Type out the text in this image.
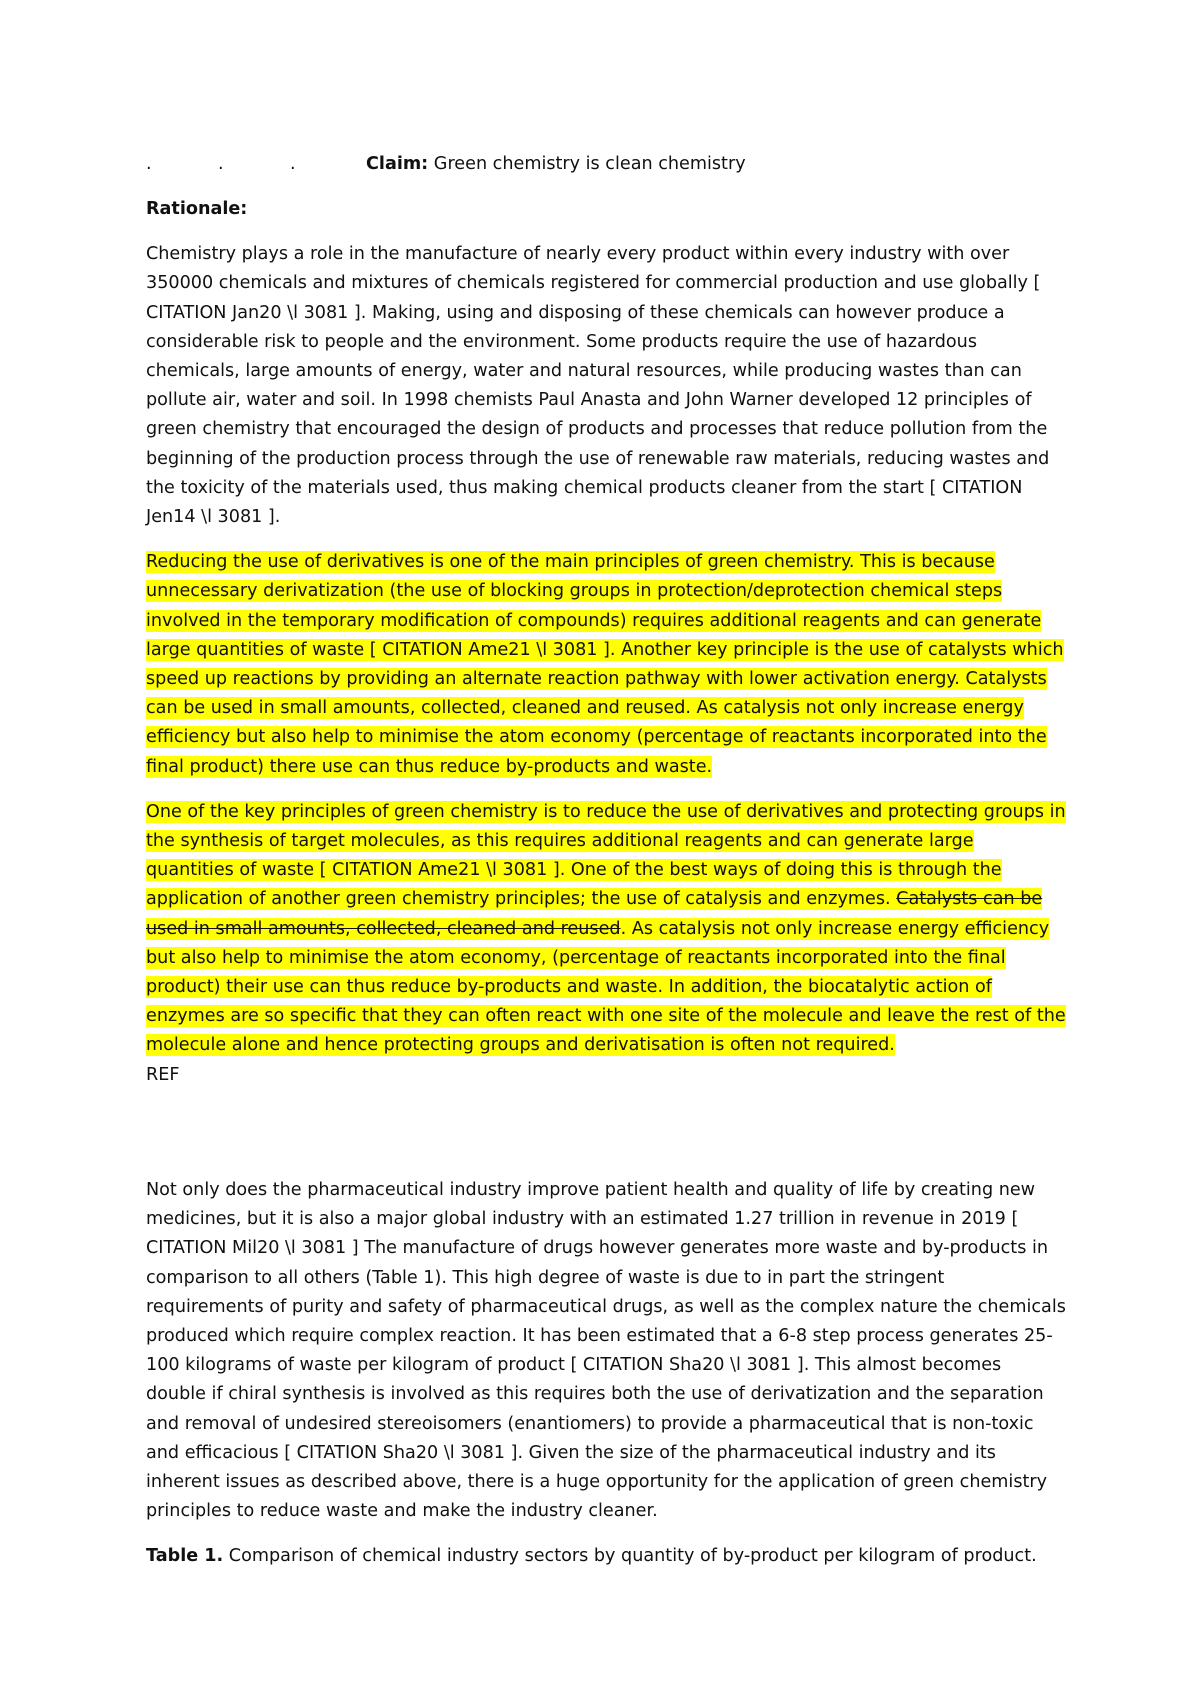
.	.	.	Claim: Green chemistry is clean chemistry

Rationale:

Chemistry plays a role in the manufacture of nearly every product within every industry with over 350000 chemicals and mixtures of chemicals registered for commercial production and use globally [ CITATION Jan20 \l 3081 ]. Making, using and disposing of these chemicals can however produce a considerable risk to people and the environment. Some products require the use of hazardous chemicals, large amounts of energy, water and natural resources, while producing wastes than can pollute air, water and soil. In 1998 chemists Paul Anasta and John Warner developed 12 principles of green chemistry that encouraged the design of products and processes that reduce pollution from the beginning of the production process through the use of renewable raw materials, reducing wastes and the toxicity of the materials used, thus making chemical products cleaner from the start [ CITATION Jen14 \l 3081 ].

Reducing the use of derivatives is one of the main principles of green chemistry. This is because unnecessary derivatization (the use of blocking groups in protection/deprotection chemical steps involved in the temporary modification of compounds) requires additional reagents and can generate large quantities of waste [ CITATION Ame21 \l 3081 ]. Another key principle is the use of catalysts which speed up reactions by providing an alternate reaction pathway with lower activation energy. Catalysts can be used in small amounts, collected, cleaned and reused. As catalysis not only increase energy efficiency but also help to minimise the atom economy (percentage of reactants incorporated into the final product) there use can thus reduce by-products and waste.

One of the key principles of green chemistry is to reduce the use of derivatives and protecting groups in the synthesis of target molecules, as this requires additional reagents and can generate large quantities of waste [ CITATION Ame21 \l 3081 ]. One of the best ways of doing this is through the application of another green chemistry principles; the use of catalysis and enzymes. Catalysts can be used in small amounts, collected, cleaned and reused. As catalysis not only increase energy efficiency but also help to minimise the atom economy, (percentage of reactants incorporated into the final product) their use can thus reduce by-products and waste. In addition, the biocatalytic action of enzymes are so specific that they can often react with one site of the molecule and leave the rest of the molecule alone and hence protecting groups and derivatisation is often not required.

REF

Not only does the pharmaceutical industry improve patient health and quality of life by creating new medicines, but it is also a major global industry with an estimated 1.27 trillion in revenue in 2019 [ CITATION Mil20 \l 3081 ] The manufacture of drugs however generates more waste and by-products in comparison to all others (Table 1). This high degree of waste is due to in part the stringent requirements of purity and safety of pharmaceutical drugs, as well as the complex nature the chemicals produced which require complex reaction. It has been estimated that a 6-8 step process generates 25-100 kilograms of waste per kilogram of product [ CITATION Sha20 \l 3081 ]. This almost becomes double if chiral synthesis is involved as this requires both the use of derivatization and the separation and removal of undesired stereoisomers (enantiomers) to provide a pharmaceutical that is non-toxic and efficacious [ CITATION Sha20 \l 3081 ]. Given the size of the pharmaceutical industry and its inherent issues as described above, there is a huge opportunity for the application of green chemistry principles to reduce waste and make the industry cleaner.

Table 1. Comparison of chemical industry sectors by quantity of by-product per kilogram of product.
